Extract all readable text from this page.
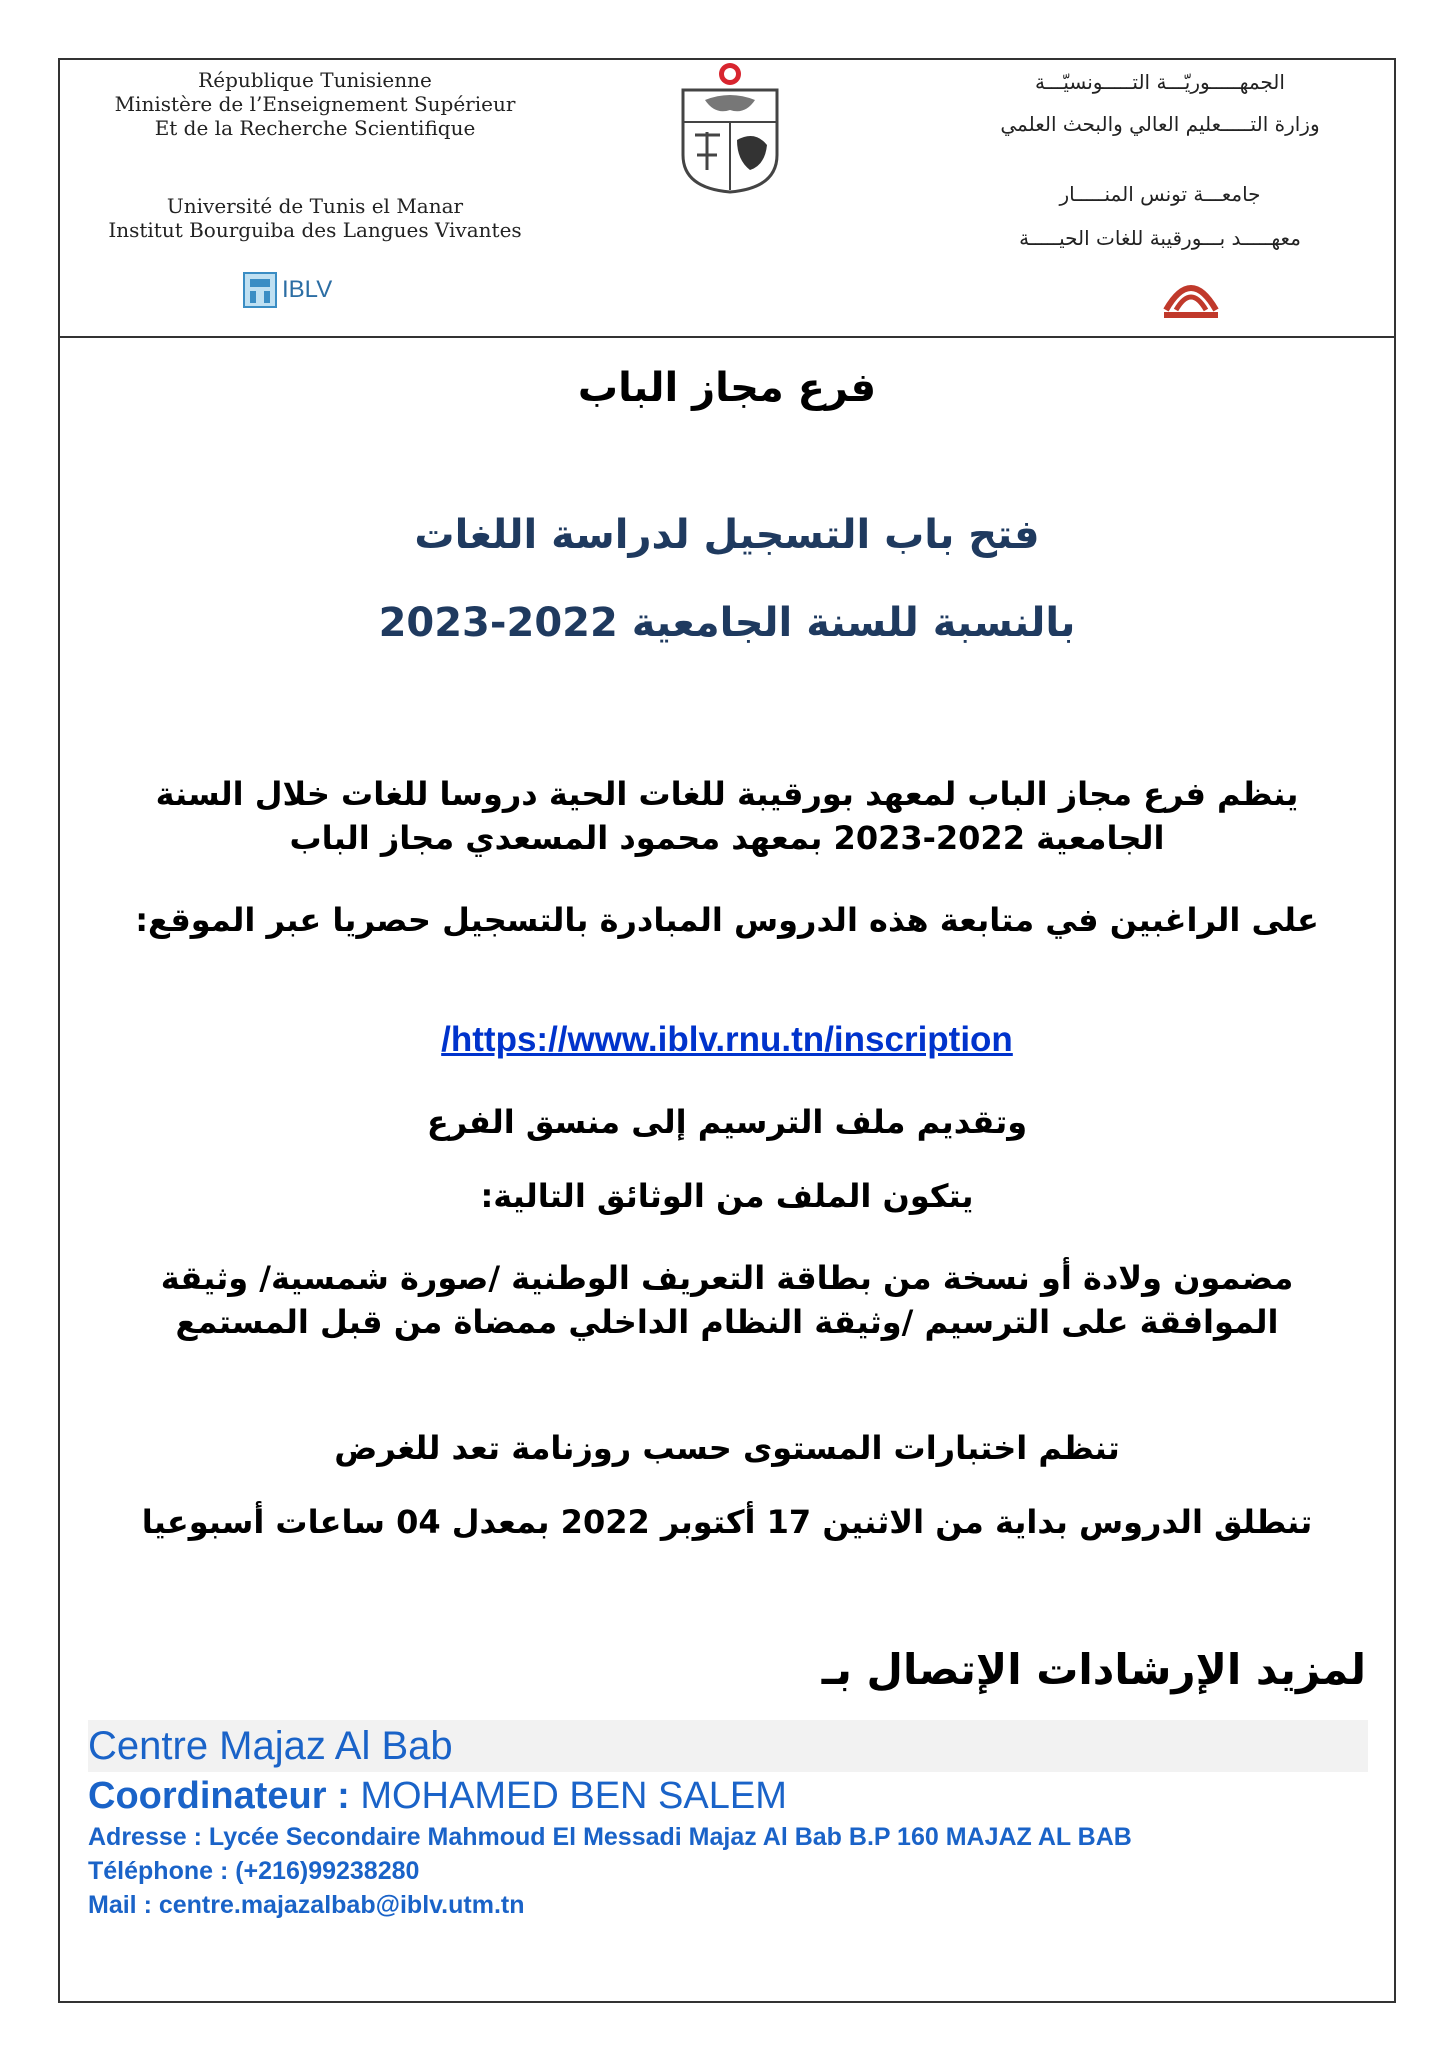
République Tunisienne
Ministère de l’Enseignement Supérieur
Et de la Recherche Scientifique
Université de Tunis el Manar
Institut Bourguiba des Langues Vivantes
IBLV
الجمهـــــوريّـــة التـــــونسيّـــة
وزارة التـــــعليم العالي والبحث العلمي
جامعـــة تونس المنـــــار
معهـــــد بـــورقيبة للغات الحيـــــة
فرع مجاز الباب
فتح باب التسجيل لدراسة اللغات
بالنسبة للسنة الجامعية 2022-2023
ينظم فرع مجاز الباب لمعهد بورقيبة للغات الحية دروسا للغات خلال السنة الجامعية 2022-2023 بمعهد محمود المسعدي مجاز الباب
على الراغبين في متابعة هذه الدروس المبادرة بالتسجيل حصريا عبر الموقع:
/https://www.iblv.rnu.tn/inscription
وتقديم ملف الترسيم إلى منسق الفرع
يتكون الملف من الوثائق التالية:
مضمون ولادة أو نسخة من بطاقة التعريف الوطنية /صورة شمسية/ وثيقة الموافقة على الترسيم /وثيقة النظام الداخلي ممضاة من قبل المستمع
تنظم اختبارات المستوى حسب روزنامة تعد للغرض
تنطلق الدروس بداية من الاثنين 17 أكتوبر 2022 بمعدل 04 ساعات أسبوعيا
لمزيد الإرشادات الإتصال بـ
Centre Majaz Al Bab
Coordinateur : MOHAMED BEN SALEM
Adresse : Lycée Secondaire Mahmoud El Messadi Majaz Al Bab B.P 160 MAJAZ AL BAB
Téléphone : (+216)99238280
Mail : centre.majazalbab@iblv.utm.tn
